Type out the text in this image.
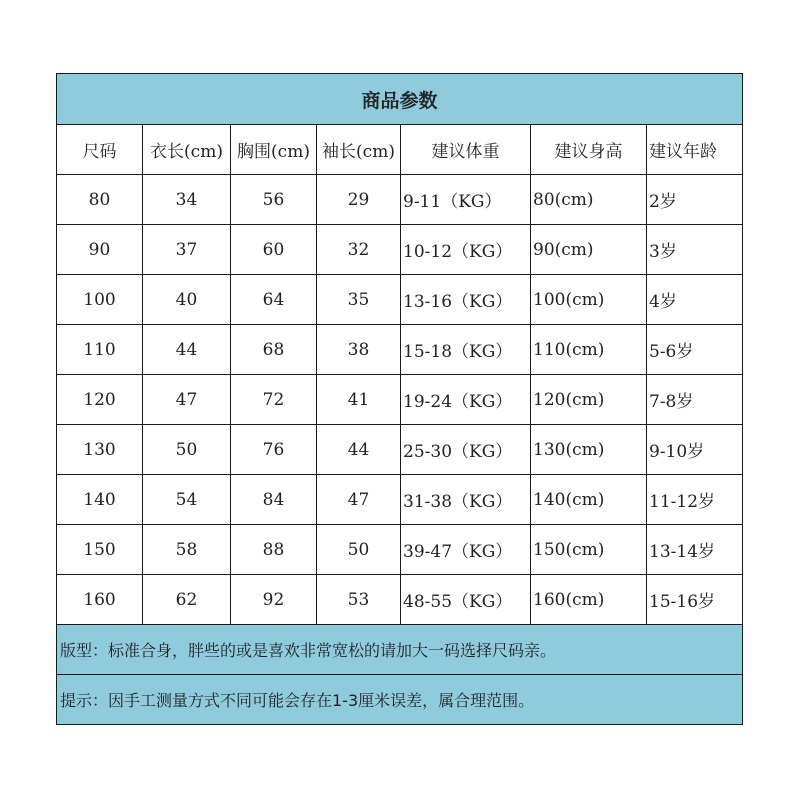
商品参数						
尺码	衣长(cm)	胸围(cm)	袖长(cm)	建议体重	建议身高	建议年龄
80	34	56	29	9-11（KG）	80(cm)	2岁
90	37	60	32	10-12（KG）	90(cm)	3岁
100	40	64	35	13-16（KG）	100(cm)	4岁
110	44	68	38	15-18（KG）	110(cm)	5-6岁
120	47	72	41	19-24（KG）	120(cm)	7-8岁
130	50	76	44	25-30（KG）	130(cm)	9-10岁
140	54	84	47	31-38（KG）	140(cm)	11-12岁
150	58	88	50	39-47（KG）	150(cm)	13-14岁
160	62	92	53	48-55（KG）	160(cm)	15-16岁
版型：标准合身，胖些的或是喜欢非常宽松的请加大一码选择尺码亲。						
提示：因手工测量方式不同可能会存在1-3厘米误差，属合理范围。						
